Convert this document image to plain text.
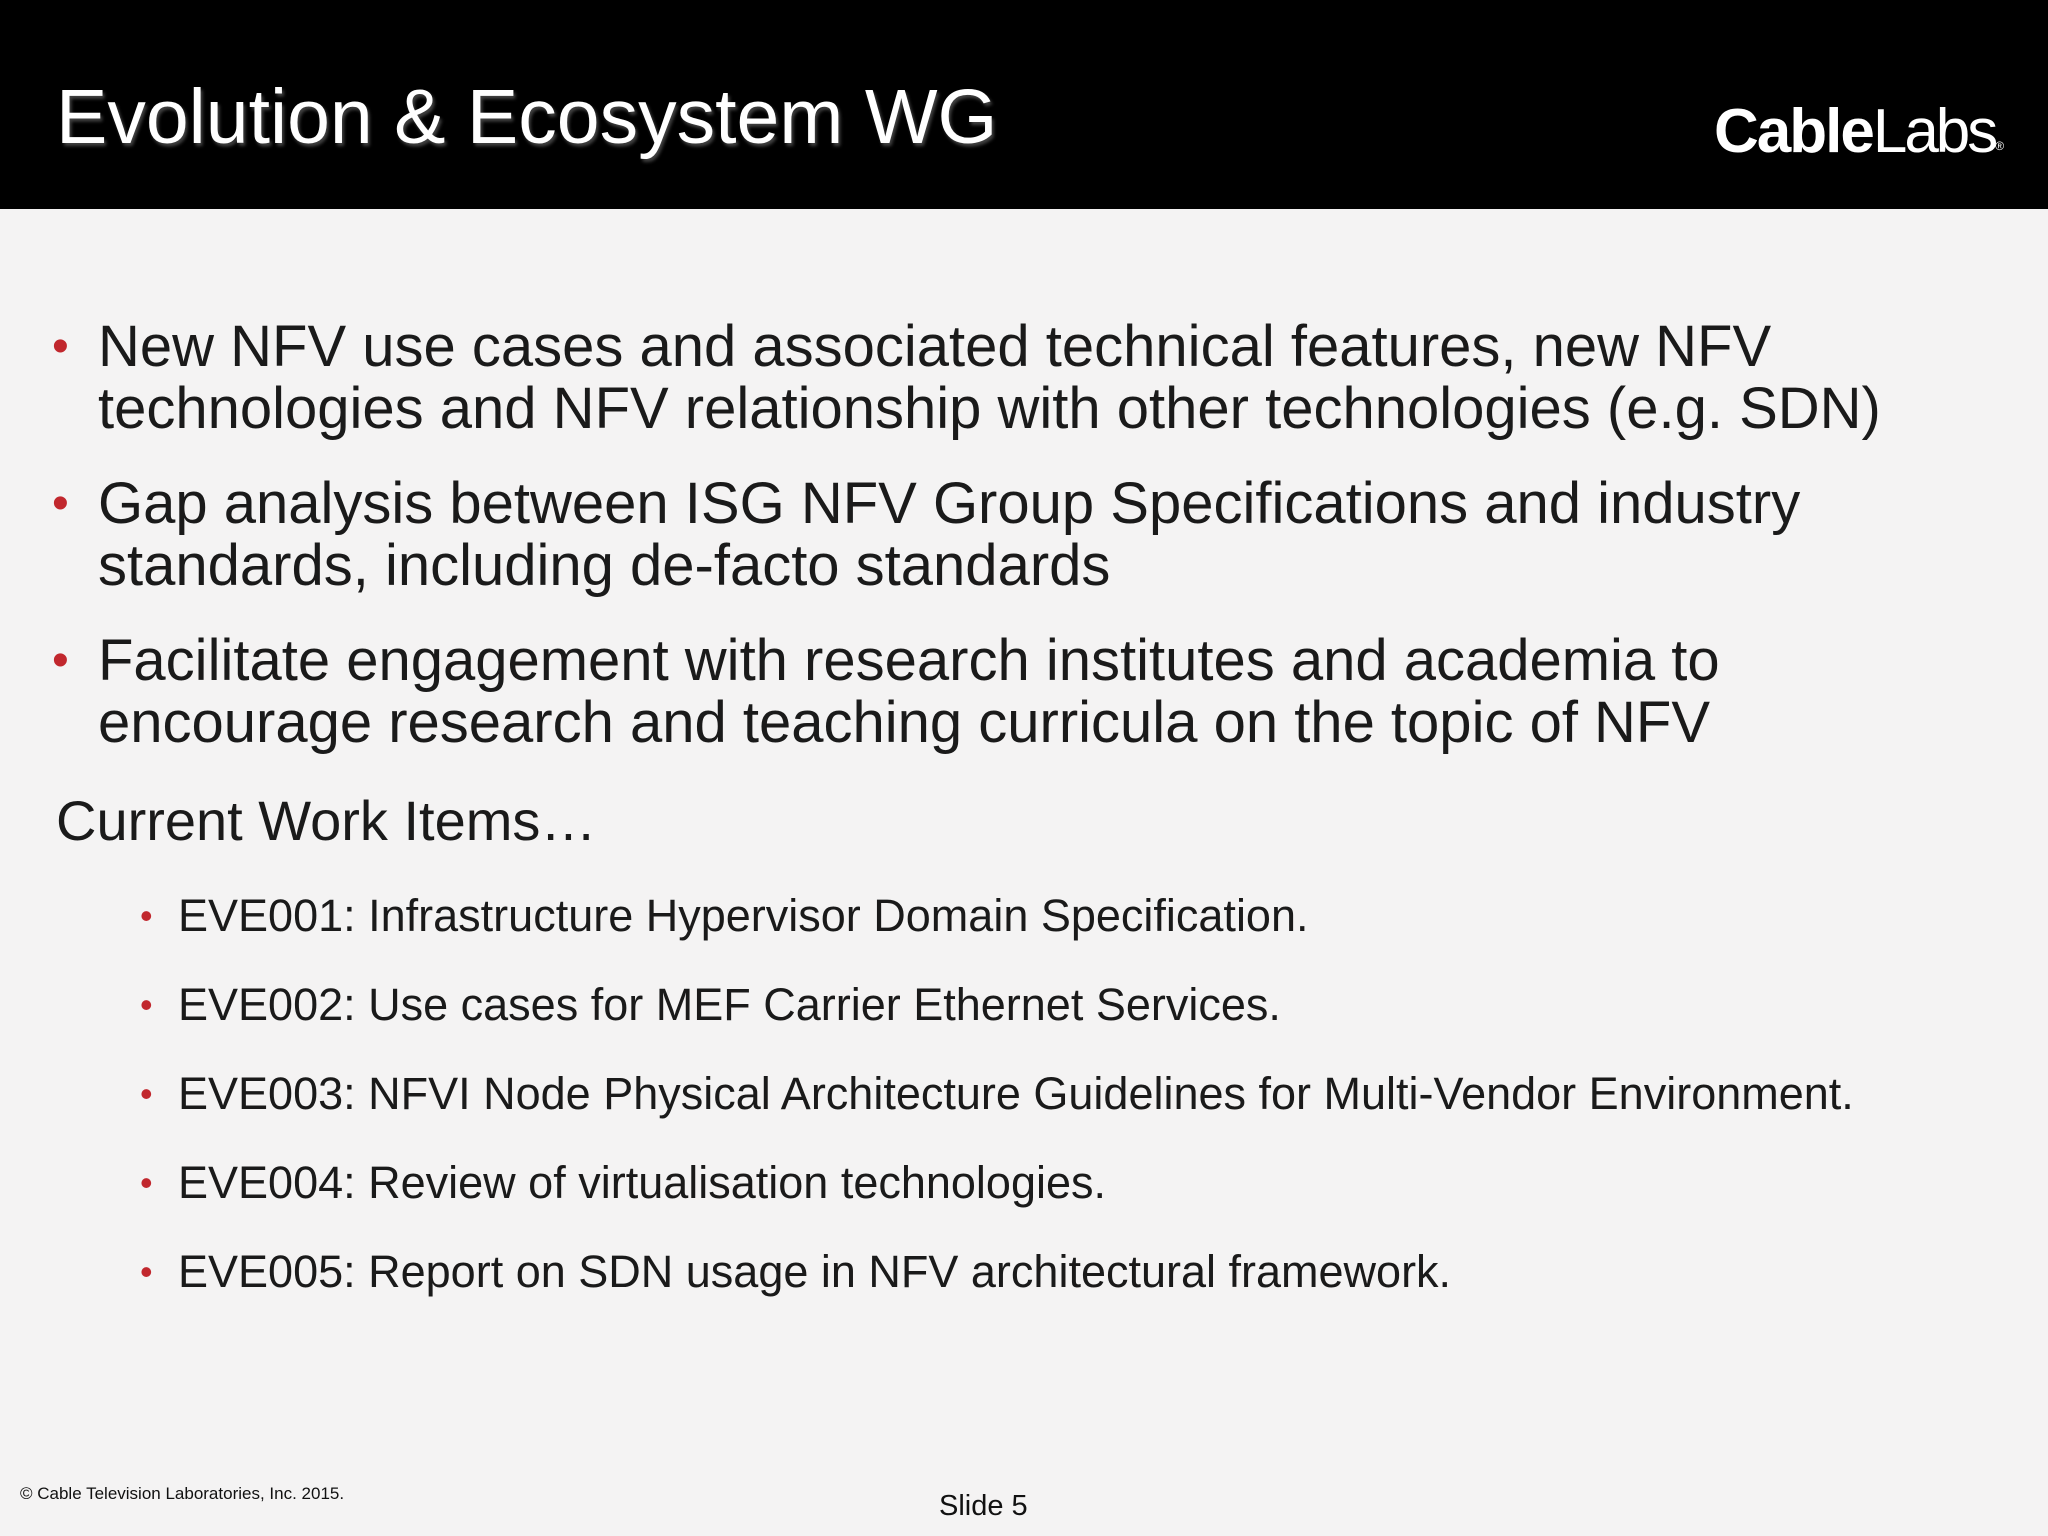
Evolution & Ecosystem WG	CableLabs®
• New NFV use cases and associated technical features, new NFV technologies and NFV relationship with other technologies (e.g. SDN)
• Gap analysis between ISG NFV Group Specifications and industry standards, including de-facto standards
• Facilitate engagement with research institutes and academia to encourage research and teaching curricula on the topic of NFV
Current Work Items…
• EVE001: Infrastructure Hypervisor Domain Specification.
• EVE002: Use cases for MEF Carrier Ethernet Services.
• EVE003: NFVI Node Physical Architecture Guidelines for Multi-Vendor Environment.
• EVE004: Review of virtualisation technologies.
• EVE005: Report on SDN usage in NFV architectural framework.
© Cable Television Laboratories, Inc. 2015.	Slide 5
